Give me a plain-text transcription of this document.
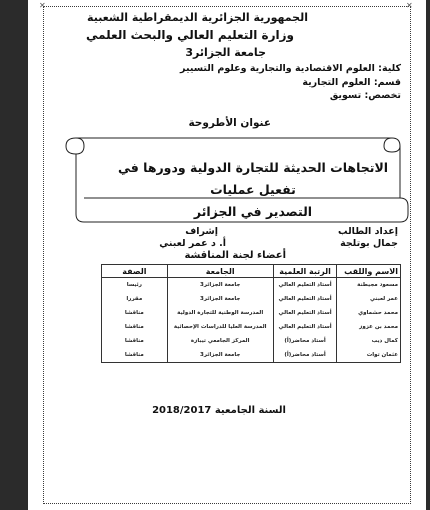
✕	✕
الجمهورية الجزائرية الديمقراطية الشعبية
وزارة التعليم العالي والبحث العلمي
جامعة الجزائر3
كلية: العلوم الاقتصادية والتجارية وعلوم التسيير
قسم: العلوم التجارية
تخصص: تسويق
عنوان الأطروحة
الاتجاهات الحديثة للتجارة الدولية ودورها في تفعيل عمليات
التصدير في الجزائر
إعداد الطالب
إشراف
جمال بوتلجة
أ. د عمر لعبني
أعضاء لجنة المناقشة
الاسم واللقب	الرتبة العلمية	الجامعة	الصفة
مسعود مجيطنة	أستاذ التعليم العالي	جامعة الجزائر3	رئيسا
عمر لعبني	أستاذ التعليم العالي	جامعة الجزائر3	مقررا
محمد حشماوي	أستاذ التعليم العالي	المدرسة الوطنية للتجارة الدولية	مناقشا
محمد بن عزوز	أستاذ التعليم العالي	المدرسة العليا للدراسات الإحصائية	مناقشا
كمال ذيب	أستاذ محاضر(أ)	المركز الجامعي تيبازة	مناقشا
عثمان توات	أستاذ محاضر(أ)	جامعة الجزائر3	مناقشا
السنة الجامعية 2018/2017
